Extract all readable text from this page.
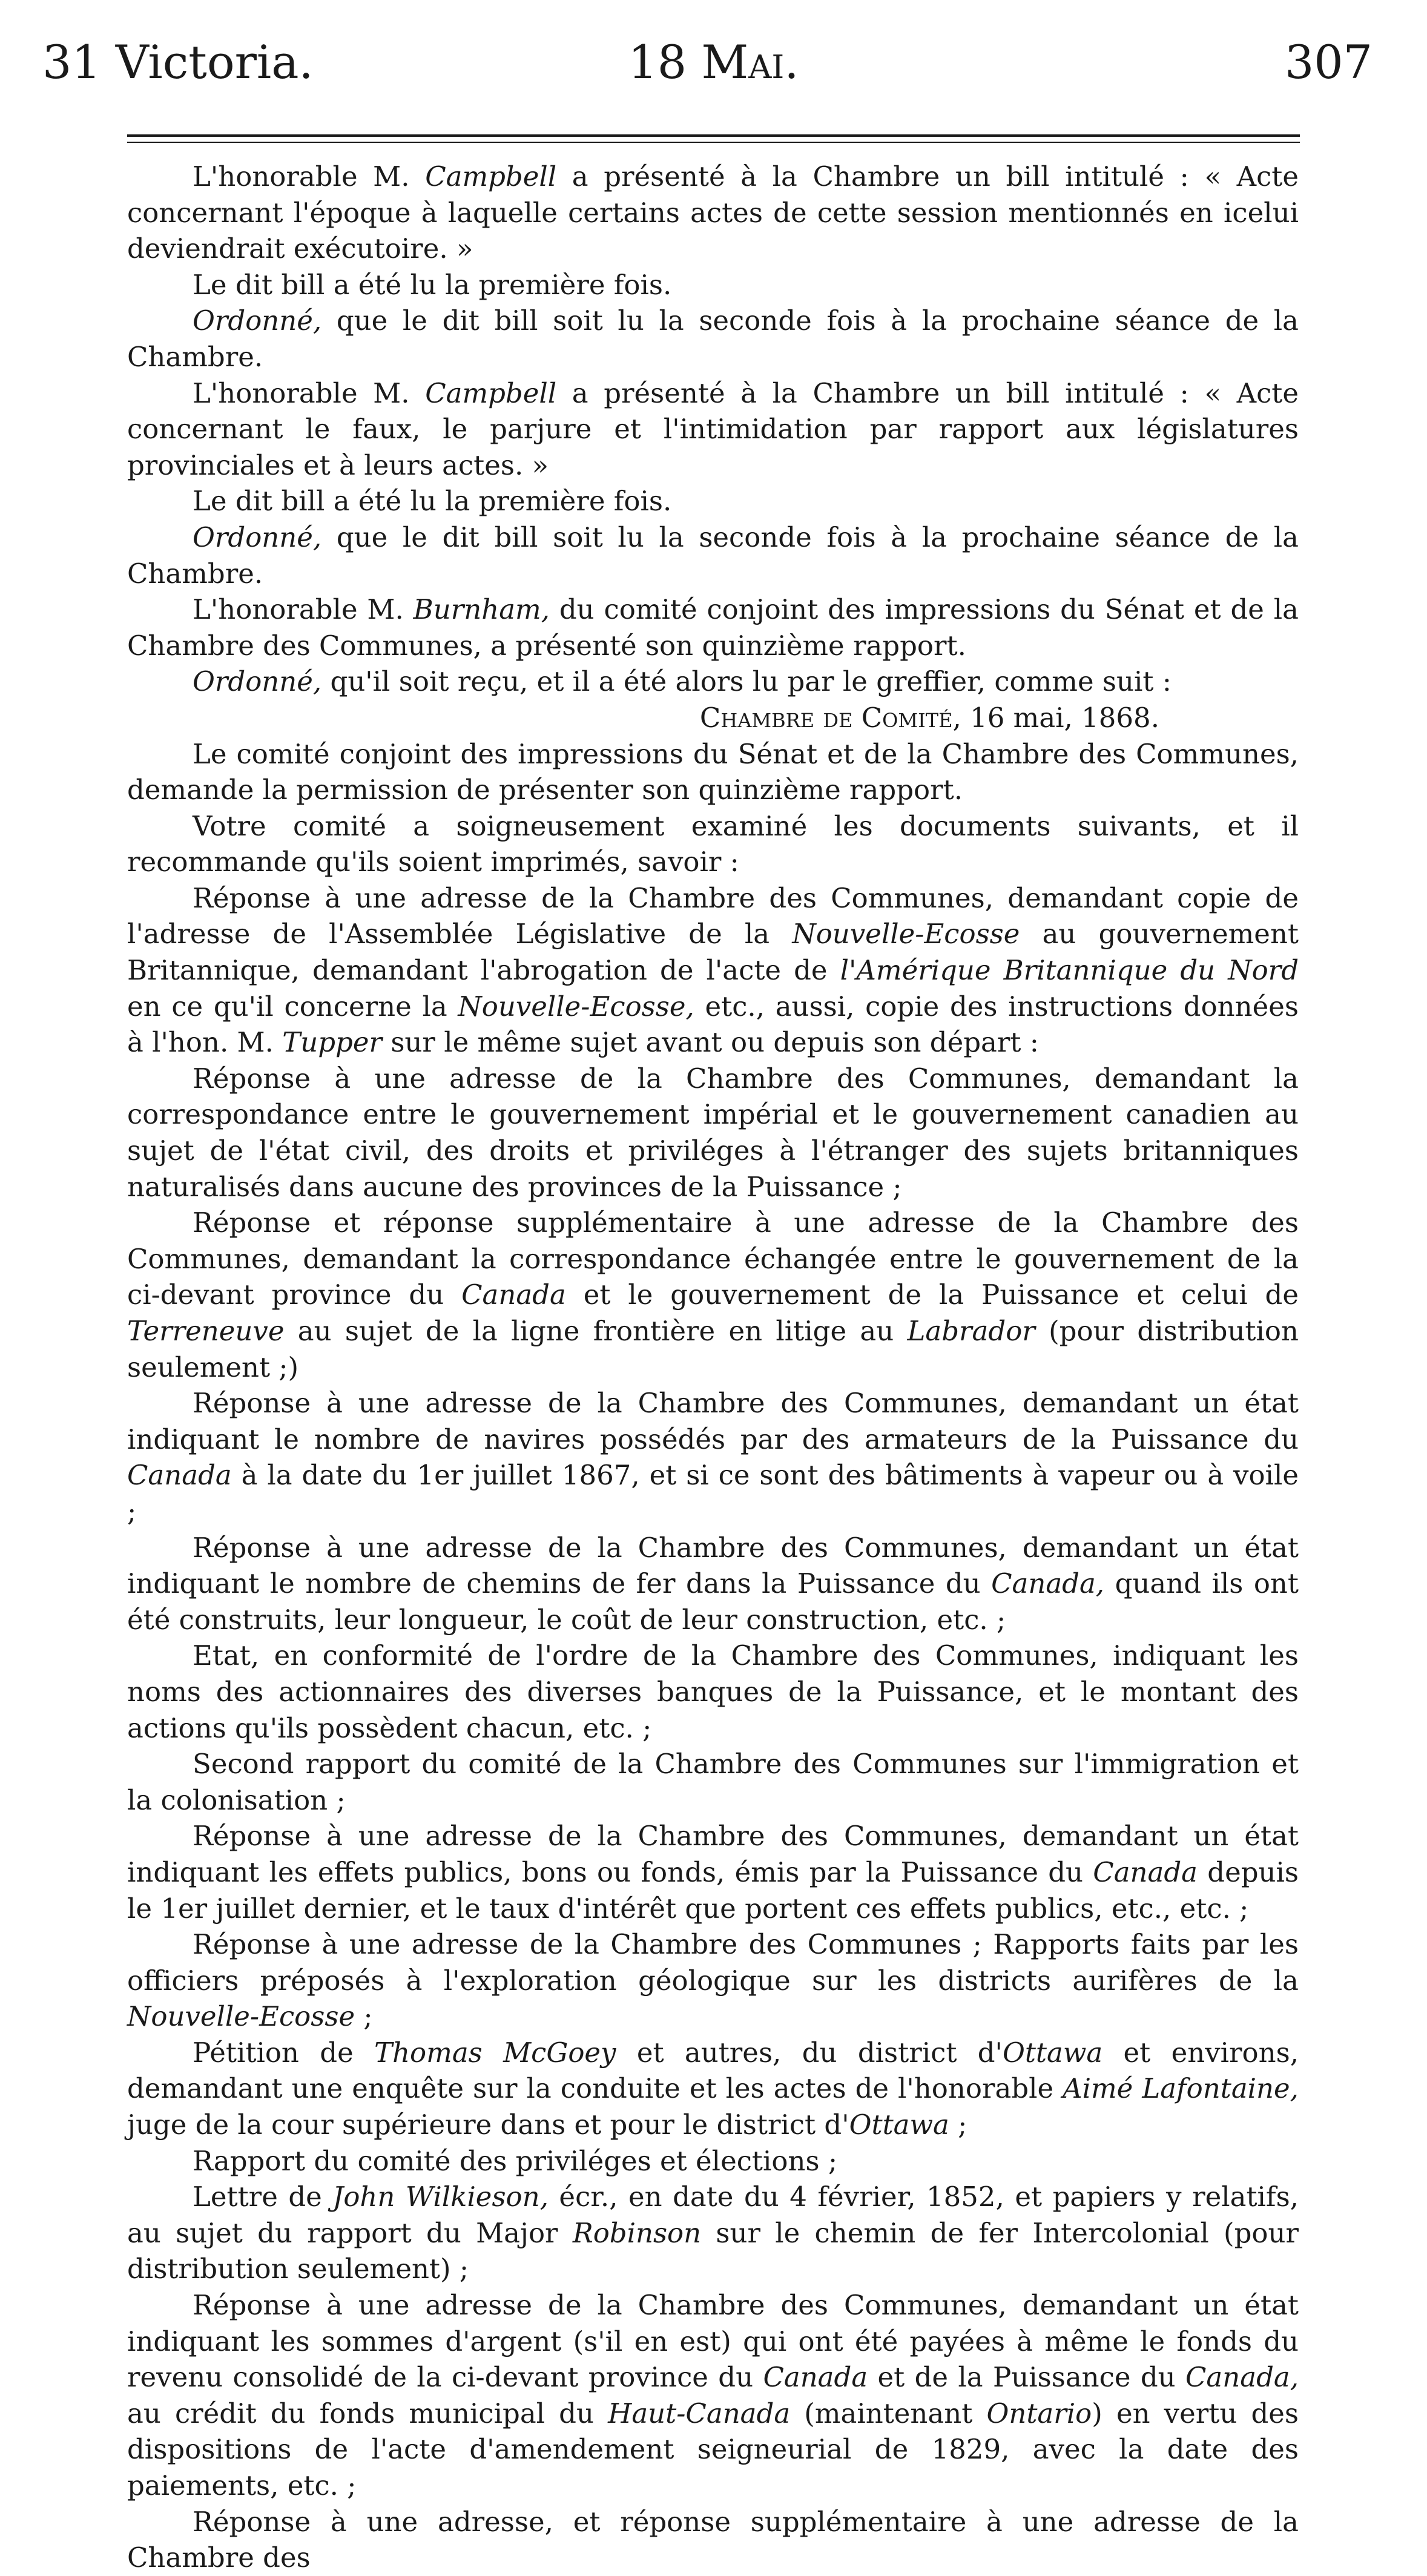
31 Victoria.	18 Mai.	307

L'honorable M. Campbell a présenté à la Chambre un bill intitulé : « Acte concernant l'époque à laquelle certains actes de cette session mentionnés en icelui deviendrait exécutoire. »

Le dit bill a été lu la première fois.

Ordonné, que le dit bill soit lu la seconde fois à la prochaine séance de la Chambre.

L'honorable M. Campbell a présenté à la Chambre un bill intitulé : « Acte concernant le faux, le parjure et l'intimidation par rapport aux législatures provinciales et à leurs actes. »

Le dit bill a été lu la première fois.

Ordonné, que le dit bill soit lu la seconde fois à la prochaine séance de la Chambre.

L'honorable M. Burnham, du comité conjoint des impressions du Sénat et de la Chambre des Communes, a présenté son quinzième rapport.

Ordonné, qu'il soit reçu, et il a été alors lu par le greffier, comme suit :

Chambre de Comité, 16 mai, 1868.

Le comité conjoint des impressions du Sénat et de la Chambre des Communes, demande la permission de présenter son quinzième rapport.

Votre comité a soigneusement examiné les documents suivants, et il recommande qu'ils soient imprimés, savoir :

Réponse à une adresse de la Chambre des Communes, demandant copie de l'adresse de l'Assemblée Législative de la Nouvelle-Ecosse au gouvernement Britannique, demandant l'abrogation de l'acte de l'Amérique Britannique du Nord en ce qu'il concerne la Nouvelle-Ecosse, etc., aussi, copie des instructions données à l'hon. M. Tupper sur le même sujet avant ou depuis son départ :

Réponse à une adresse de la Chambre des Communes, demandant la correspondance entre le gouvernement impérial et le gouvernement canadien au sujet de l'état civil, des droits et priviléges à l'étranger des sujets britanniques naturalisés dans aucune des provinces de la Puissance ;

Réponse et réponse supplémentaire à une adresse de la Chambre des Communes, demandant la correspondance échangée entre le gouvernement de la ci-devant province du Canada et le gouvernement de la Puissance et celui de Terreneuve au sujet de la ligne frontière en litige au Labrador (pour distribution seulement ;)

Réponse à une adresse de la Chambre des Communes, demandant un état indiquant le nombre de navires possédés par des armateurs de la Puissance du Canada à la date du 1er juillet 1867, et si ce sont des bâtiments à vapeur ou à voile ;

Réponse à une adresse de la Chambre des Communes, demandant un état indiquant le nombre de chemins de fer dans la Puissance du Canada, quand ils ont été construits, leur longueur, le coût de leur construction, etc. ;

Etat, en conformité de l'ordre de la Chambre des Communes, indiquant les noms des actionnaires des diverses banques de la Puissance, et le montant des actions qu'ils possèdent chacun, etc. ;

Second rapport du comité de la Chambre des Communes sur l'immigration et la colonisation ;

Réponse à une adresse de la Chambre des Communes, demandant un état indiquant les effets publics, bons ou fonds, émis par la Puissance du Canada depuis le 1er juillet dernier, et le taux d'intérêt que portent ces effets publics, etc., etc. ;

Réponse à une adresse de la Chambre des Communes ; Rapports faits par les officiers préposés à l'exploration géologique sur les districts aurifères de la Nouvelle-Ecosse ;

Pétition de Thomas McGoey et autres, du district d'Ottawa et environs, demandant une enquête sur la conduite et les actes de l'honorable Aimé Lafontaine, juge de la cour supérieure dans et pour le district d'Ottawa ;

Rapport du comité des priviléges et élections ;

Lettre de John Wilkieson, écr., en date du 4 février, 1852, et papiers y relatifs, au sujet du rapport du Major Robinson sur le chemin de fer Intercolonial (pour distribution seulement) ;

Réponse à une adresse de la Chambre des Communes, demandant un état indiquant les sommes d'argent (s'il en est) qui ont été payées à même le fonds du revenu consolidé de la ci-devant province du Canada et de la Puissance du Canada, au crédit du fonds municipal du Haut-Canada (maintenant Ontario) en vertu des dispositions de l'acte d'amendement seigneurial de 1829, avec la date des paiements, etc. ;

Réponse à une adresse, et réponse supplémentaire à une adresse de la Chambre des
